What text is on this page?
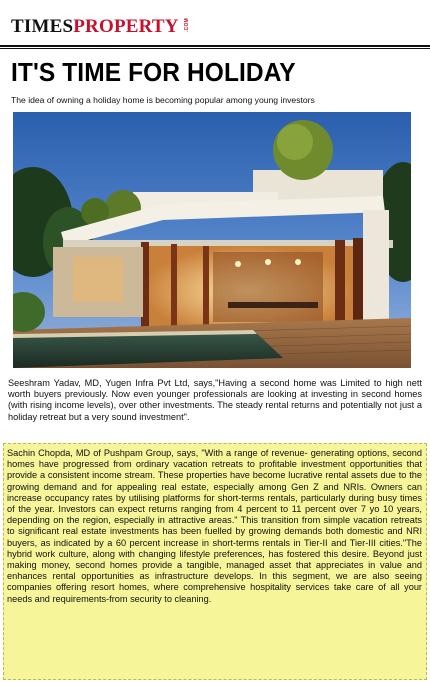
TIMESPROPERTY .COM
IT'S TIME FOR HOLIDAY

The idea of owning a holiday home is becoming popular among young investors

Seeshram Yadav, MD, Yugen Infra Pvt Ltd, says,"Having a second home was Limited to high nett worth buyers previously. Now even younger professionals are looking at investing in second homes (with rising income levels), over other investments. The steady rental returns and potentially not just a holiday retreat but a very sound investment".

Sachin Chopda, MD of Pushpam Group, says, "With a range of revenue- generating options, second homes have progressed from ordinary vacation retreats to profitable investment opportunities that provide a consistent income stream. These properties have become lucrative rental assets due to the growing demand and for appealing real estate, especially among Gen Z and NRIs. Owners can increase occupancy rates by utilising platforms for short-terms rentals, particularly during busy times of the year. Investors can expect returns ranging from 4 percent to 11 percent over 7 yo 10 years, depending on the region, especially in attractive areas." This transition from simple vacation retreats to significant real estate investments has been fuelled by growing demands both domestic and NRI buyers, as indicated by a 60 percent increase in short-terms rentals in Tier-II and Tier-III cities."The hybrid work culture, along with changing lifestyle preferences, has fostered this desire. Beyond just making money, second homes provide a tangible, managed asset that appreciates in value and enhances rental opportunities as infrastructure develops. In this segment, we are also seeing companies offering resort homes, where comprehensive hospitality services take care of all your needs and requirements-from security to cleaning.
